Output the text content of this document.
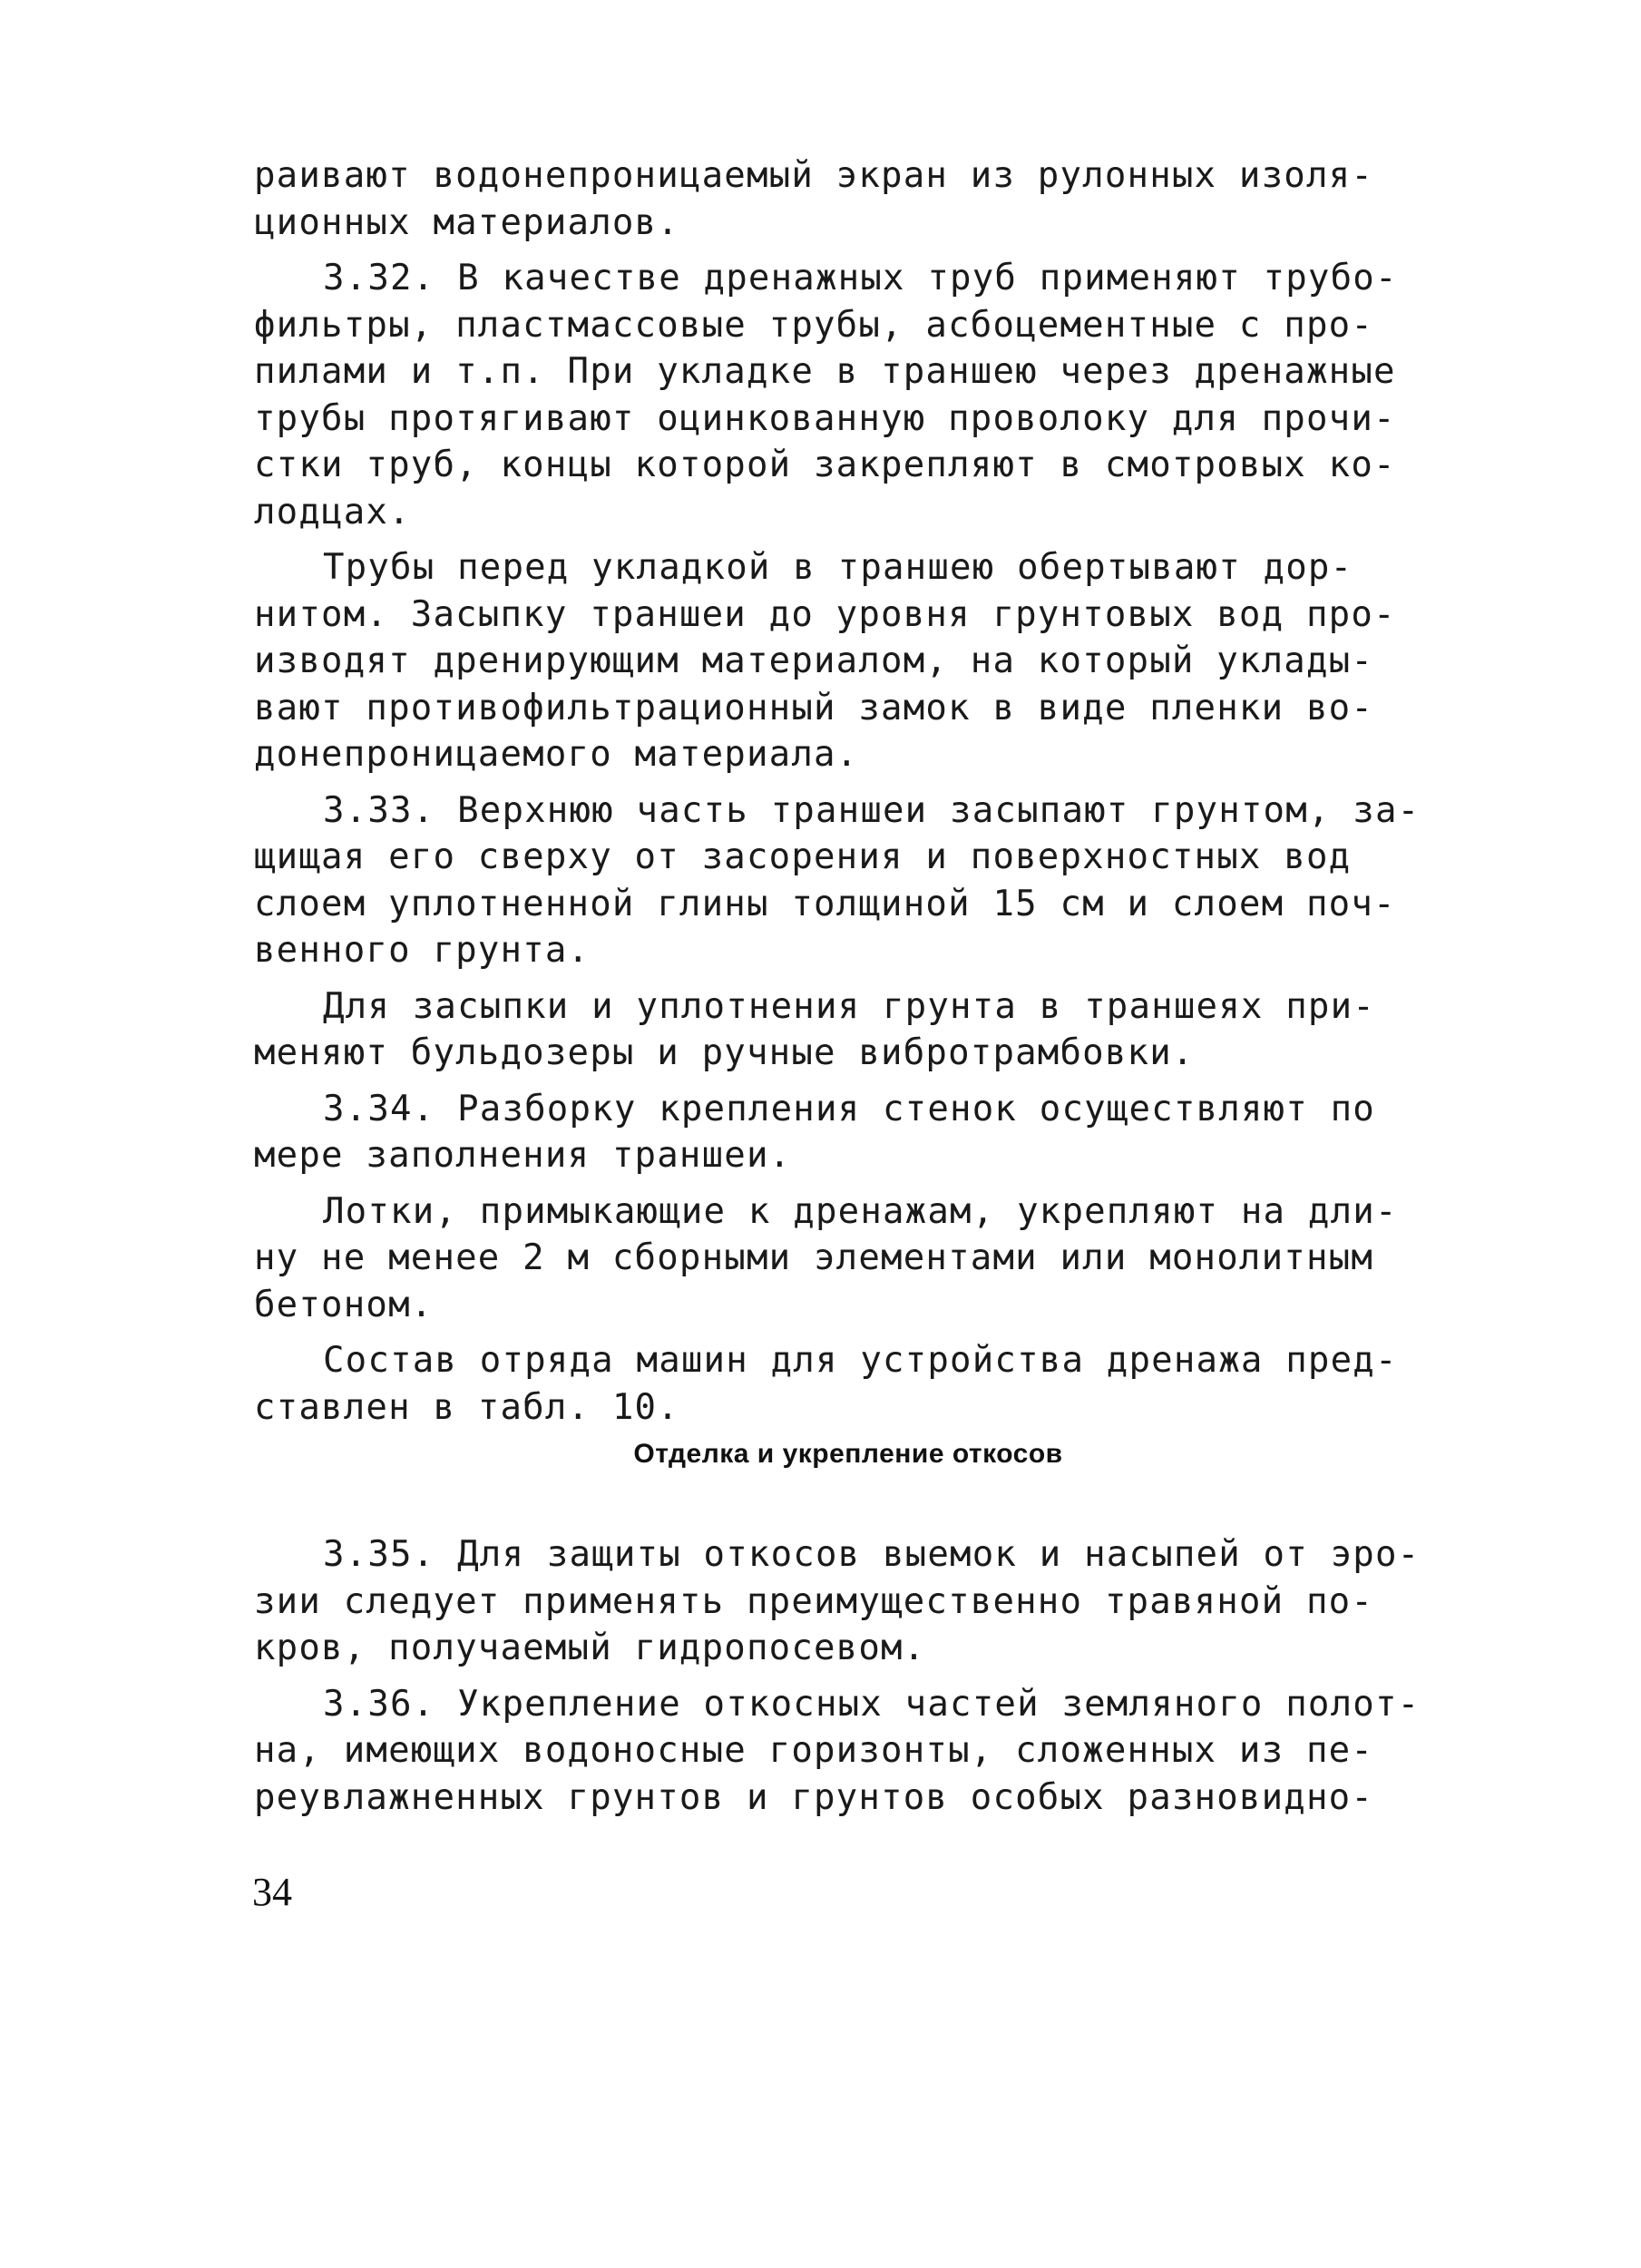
раивают водонепроницаемый экран из рулонных изоля-
ционных материалов.
3.32. В качестве дренажных труб применяют трубо-
фильтры, пластмассовые трубы, асбоцементные с про-
пилами и т.п. При укладке в траншею через дренажные
трубы протягивают оцинкованную проволоку для прочи-
стки труб, концы которой закрепляют в смотровых ко-
лодцах.
Трубы перед укладкой в траншею обертывают дор-
нитом. Засыпку траншеи до уровня грунтовых вод про-
изводят дренирующим материалом, на который уклады-
вают противофильтрационный замок в виде пленки во-
донепроницаемого материала.
3.33. Верхнюю часть траншеи засыпают грунтом, за-
щищая его сверху от засорения и поверхностных вод
слоем уплотненной глины толщиной 15 см и слоем поч-
венного грунта.
Для засыпки и уплотнения грунта в траншеях при-
меняют бульдозеры и ручные вибротрамбовки.
3.34. Разборку крепления стенок осуществляют по
мере заполнения траншеи.
Лотки, примыкающие к дренажам, укрепляют на дли-
ну не менее 2 м сборными элементами или монолитным
бетоном.
Состав отряда машин для устройства дренажа пред-
ставлен в табл. 10.
Отделка и укрепление откосов
3.35. Для защиты откосов выемок и насыпей от эро-
зии следует применять преимущественно травяной по-
кров, получаемый гидропосевом.
3.36. Укрепление откосных частей земляного полот-
на, имеющих водоносные горизонты, сложенных из пе-
реувлажненных грунтов и грунтов особых разновидно-
34
